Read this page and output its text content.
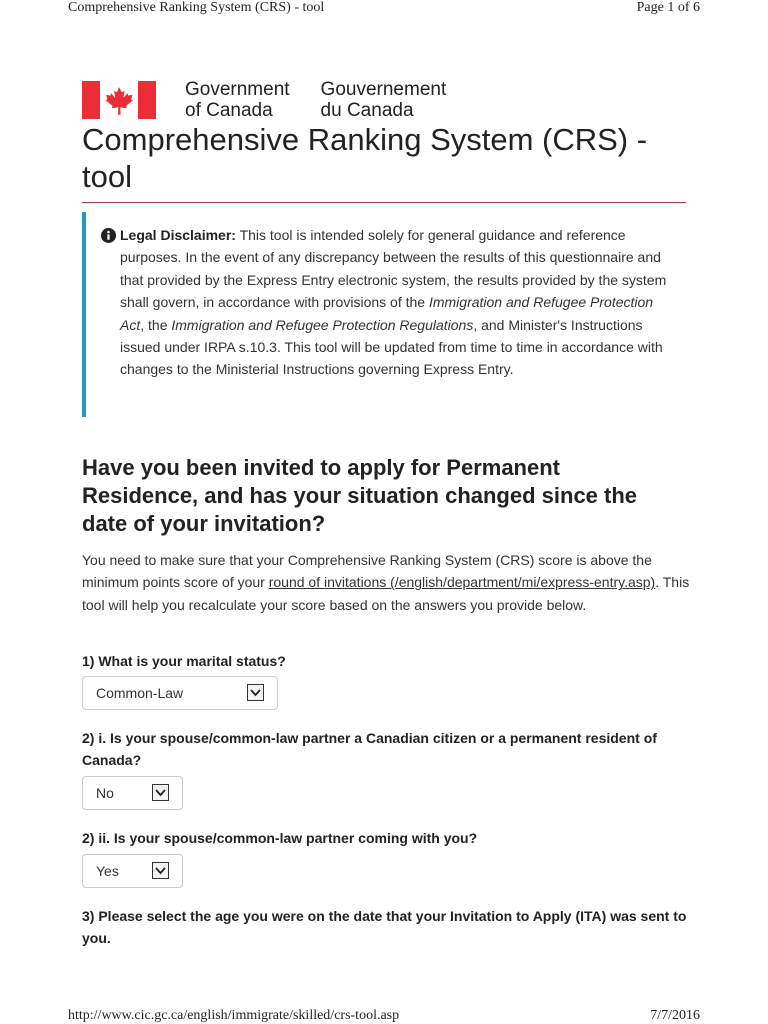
Comprehensive Ranking System (CRS) - tool	Page 1 of 6
Government
of Canada
Gouvernement
du Canada
Comprehensive Ranking System (CRS) - tool

Legal Disclaimer: This tool is intended solely for general guidance and reference purposes. In the event of any discrepancy between the results of this questionnaire and that provided by the Express Entry electronic system, the results provided by the system shall govern, in accordance with provisions of the Immigration and Refugee Protection Act, the Immigration and Refugee Protection Regulations, and Minister's Instructions issued under IRPA s.10.3. This tool will be updated from time to time in accordance with changes to the Ministerial Instructions governing Express Entry.

Have you been invited to apply for Permanent Residence, and has your situation changed since the date of your invitation?

You need to make sure that your Comprehensive Ranking System (CRS) score is above the minimum points score of your round of invitations (/english/department/mi/express-entry.asp). This tool will help you recalculate your score based on the answers you provide below.

1) What is your marital status?
Common-Law
2) i. Is your spouse/common-law partner a Canadian citizen or a permanent resident of Canada?
No
2) ii. Is your spouse/common-law partner coming with you?
Yes
3) Please select the age you were on the date that your Invitation to Apply (ITA) was sent to you.
http://www.cic.gc.ca/english/immigrate/skilled/crs-tool.asp	7/7/2016
